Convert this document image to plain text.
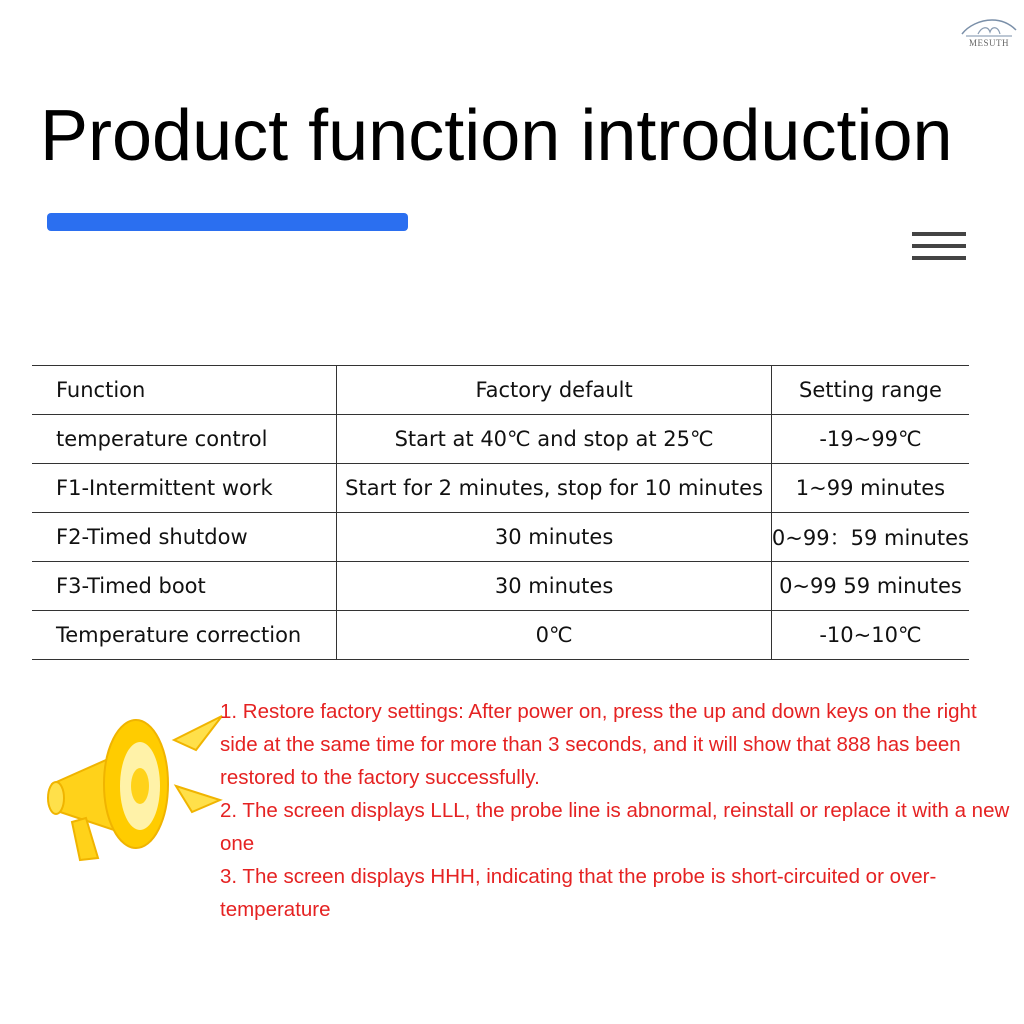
MESUTH
Product function introduction
Function	Factory default	Setting range
temperature control	Start at 40℃ and stop at 25℃	-19~99℃
F1-Intermittent work	Start for 2 minutes, stop for 10 minutes	1~99 minutes
F2-Timed shutdow	30 minutes	0~99：59 minutes
F3-Timed boot	30 minutes	0~99 59 minutes
Temperature correction	0℃	-10~10℃

1. Restore factory settings: After power on, press the up and down keys on the right side at the same time for more than 3 seconds, and it will show that 888 has been restored to the factory successfully.

2. The screen displays LLL, the probe line is abnormal, reinstall or replace it with a new one

3. The screen displays HHH, indicating that the probe is short-circuited or over-temperature
